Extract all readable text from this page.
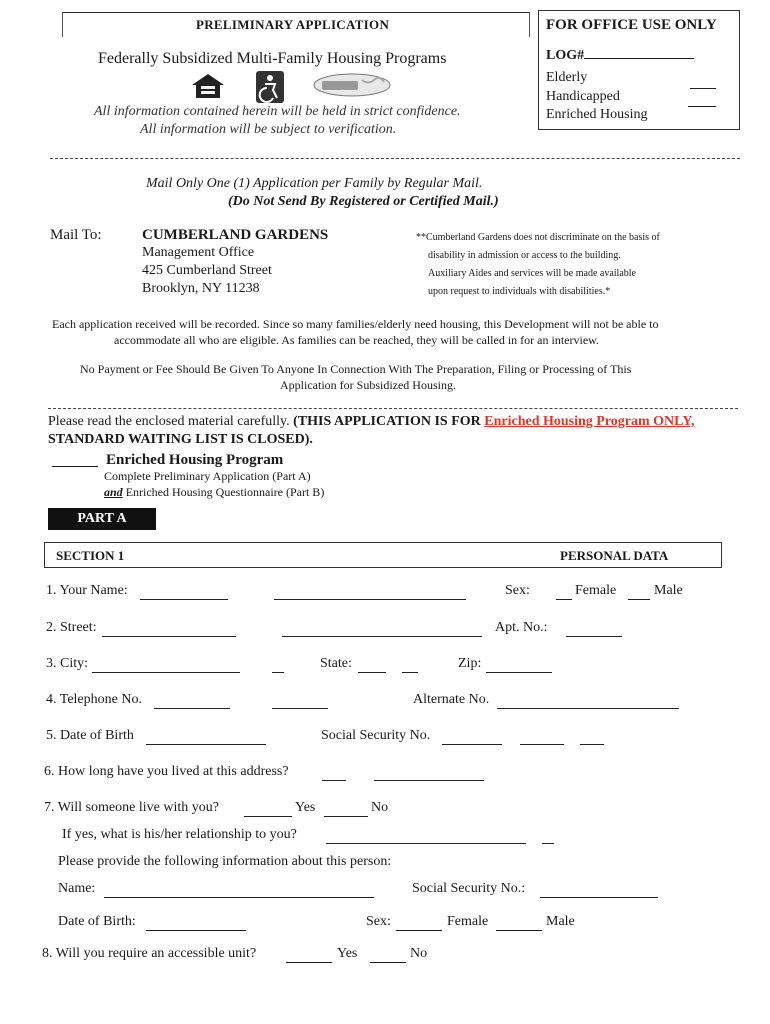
PRELIMINARY APPLICATION
Federally Subsidized Multi-Family Housing Programs
All information contained herein will be held in strict confidence.
All information will be subject to verification.
FOR OFFICE USE ONLY
LOG#
Elderly
Handicapped
Enriched Housing
Mail Only One (1) Application per Family by Regular Mail.
(Do Not Send By Registered or Certified Mail.)
Mail To:	CUMBERLAND GARDENS
Management Office
425 Cumberland Street
Brooklyn, NY 11238
**Cumberland Gardens does not discriminate on the basis of
disability in admission or access to the building.
Auxiliary Aides and services will be made available
upon request to individuals with disabilities.*
Each application received will be recorded. Since so many families/elderly need housing, this Development will not be able to
accommodate all who are eligible. As families can be reached, they will be called in for an interview.
No Payment or Fee Should Be Given To Anyone In Connection With The Preparation, Filing or Processing of This
Application for Subsidized Housing.
Please read the enclosed material carefully. (THIS APPLICATION IS FOR Enriched Housing Program ONLY,
STANDARD WAITING LIST IS CLOSED).
Enriched Housing Program
Complete Preliminary Application (Part A)
and Enriched Housing Questionnaire (Part B)
PART A
SECTION 1	PERSONAL DATA
1. Your Name:	Sex:	Female	Male
2. Street:	Apt. No.:
3. City:	State:	Zip:
4. Telephone No.	Alternate No.
5. Date of Birth	Social Security No.
6. How long have you lived at this address?
7. Will someone live with you?	Yes	No
If yes, what is his/her relationship to you?
Please provide the following information about this person:
Name:	Social Security No.:
Date of Birth:	Sex:	Female	Male
8. Will you require an accessible unit?	Yes	No
